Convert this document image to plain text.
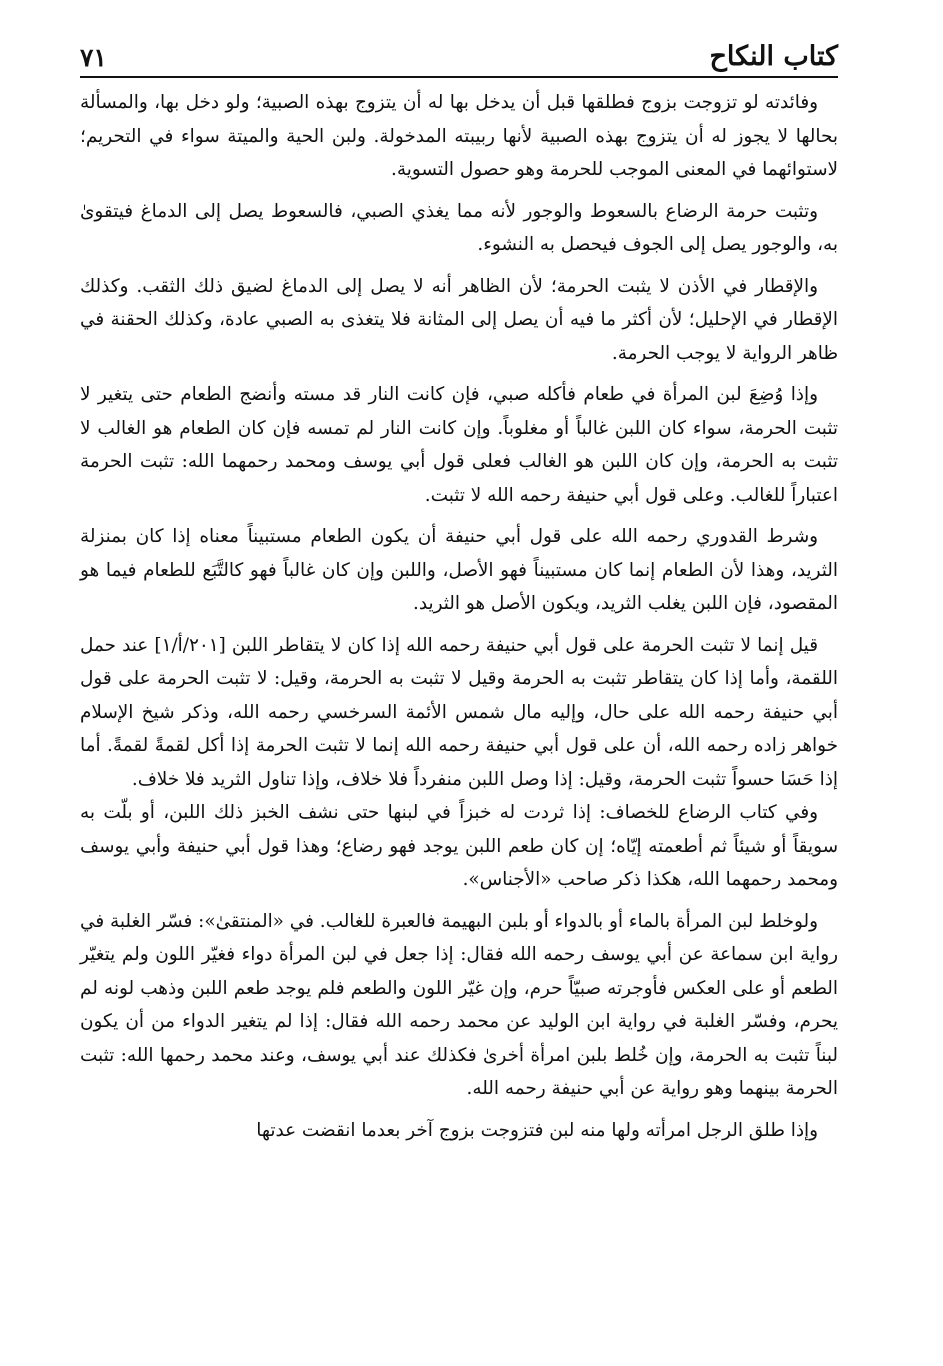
كتاب النكاح
٧١

وفائدته لو تزوجت بزوج فطلقها قبل أن يدخل بها له أن يتزوج بهذه الصبية؛ ولو دخل بها، والمسألة بحالها لا يجوز له أن يتزوج بهذه الصبية لأنها ربيبته المدخولة. ولبن الحية والميتة سواء في التحريم؛ لاستوائهما في المعنى الموجب للحرمة وهو حصول التسوية.

وتثبت حرمة الرضاع بالسعوط والوجور لأنه مما يغذي الصبي، فالسعوط يصل إلى الدماغ فيتقوىٰ به، والوجور يصل إلى الجوف فيحصل به النشوء.

والإقطار في الأذن لا يثبت الحرمة؛ لأن الظاهر أنه لا يصل إلى الدماغ لضيق ذلك الثقب. وكذلك الإقطار في الإحليل؛ لأن أكثر ما فيه أن يصل إلى المثانة فلا يتغذى به الصبي عادة، وكذلك الحقنة في ظاهر الرواية لا يوجب الحرمة.

وإذا وُضِعَ لبن المرأة في طعام فأكله صبي، فإن كانت النار قد مسته وأنضج الطعام حتى يتغير لا تثبت الحرمة، سواء كان اللبن غالباً أو مغلوباً. وإن كانت النار لم تمسه فإن كان الطعام هو الغالب لا تثبت به الحرمة، وإن كان اللبن هو الغالب فعلى قول أبي يوسف ومحمد رحمهما الله: تثبت الحرمة اعتباراً للغالب. وعلى قول أبي حنيفة رحمه الله لا تثبت.

وشرط القدوري رحمه الله على قول أبي حنيفة أن يكون الطعام مستبيناً معناه إذا كان بمنزلة الثريد، وهذا لأن الطعام إنما كان مستبيناً فهو الأصل، واللبن وإن كان غالباً فهو كالتَّبَع للطعام فيما هو المقصود، فإن اللبن يغلب الثريد، ويكون الأصل هو الثريد.

قيل إنما لا تثبت الحرمة على قول أبي حنيفة رحمه الله إذا كان لا يتقاطر اللبن [٢٠١/أ/١] عند حمل اللقمة، وأما إذا كان يتقاطر تثبت به الحرمة وقيل لا تثبت به الحرمة، وقيل: لا تثبت الحرمة على قول أبي حنيفة رحمه الله على حال، وإليه مال شمس الأئمة السرخسي رحمه الله، وذكر شيخ الإسلام خواهر زاده رحمه الله، أن على قول أبي حنيفة رحمه الله إنما لا تثبت الحرمة إذا أكل لقمةً لقمةً. أما إذا حَسَا حسواً تثبت الحرمة، وقيل: إذا وصل اللبن منفرداً فلا خلاف، وإذا تناول الثريد فلا خلاف.

وفي كتاب الرضاع للخصاف: إذا ثردت له خبزاً في لبنها حتى نشف الخبز ذلك اللبن، أو بلّت به سويقاً أو شيئاً ثم أطعمته إيّاه؛ إن كان طعم اللبن يوجد فهو رضاع؛ وهذا قول أبي حنيفة وأبي يوسف ومحمد رحمهما الله، هكذا ذكر صاحب «الأجناس».

ولوخلط لبن المرأة بالماء أو بالدواء أو بلبن البهيمة فالعبرة للغالب. في «المنتقىٰ»: فسّر الغلبة في رواية ابن سماعة عن أبي يوسف رحمه الله فقال: إذا جعل في لبن المرأة دواء فغيّر اللون ولم يتغيّر الطعم أو على العكس فأوجرته صبيّاً حرم، وإن غيّر اللون والطعم فلم يوجد طعم اللبن وذهب لونه لم يحرم، وفسّر الغلبة في رواية ابن الوليد عن محمد رحمه الله فقال: إذا لم يتغير الدواء من أن يكون لبناً تثبت به الحرمة، وإن خُلط بلبن امرأة أخرىٰ فكذلك عند أبي يوسف، وعند محمد رحمها الله: تثبت الحرمة بينهما وهو رواية عن أبي حنيفة رحمه الله.

وإذا طلق الرجل امرأته ولها منه لبن فتزوجت بزوج آخر بعدما انقضت عدتها
